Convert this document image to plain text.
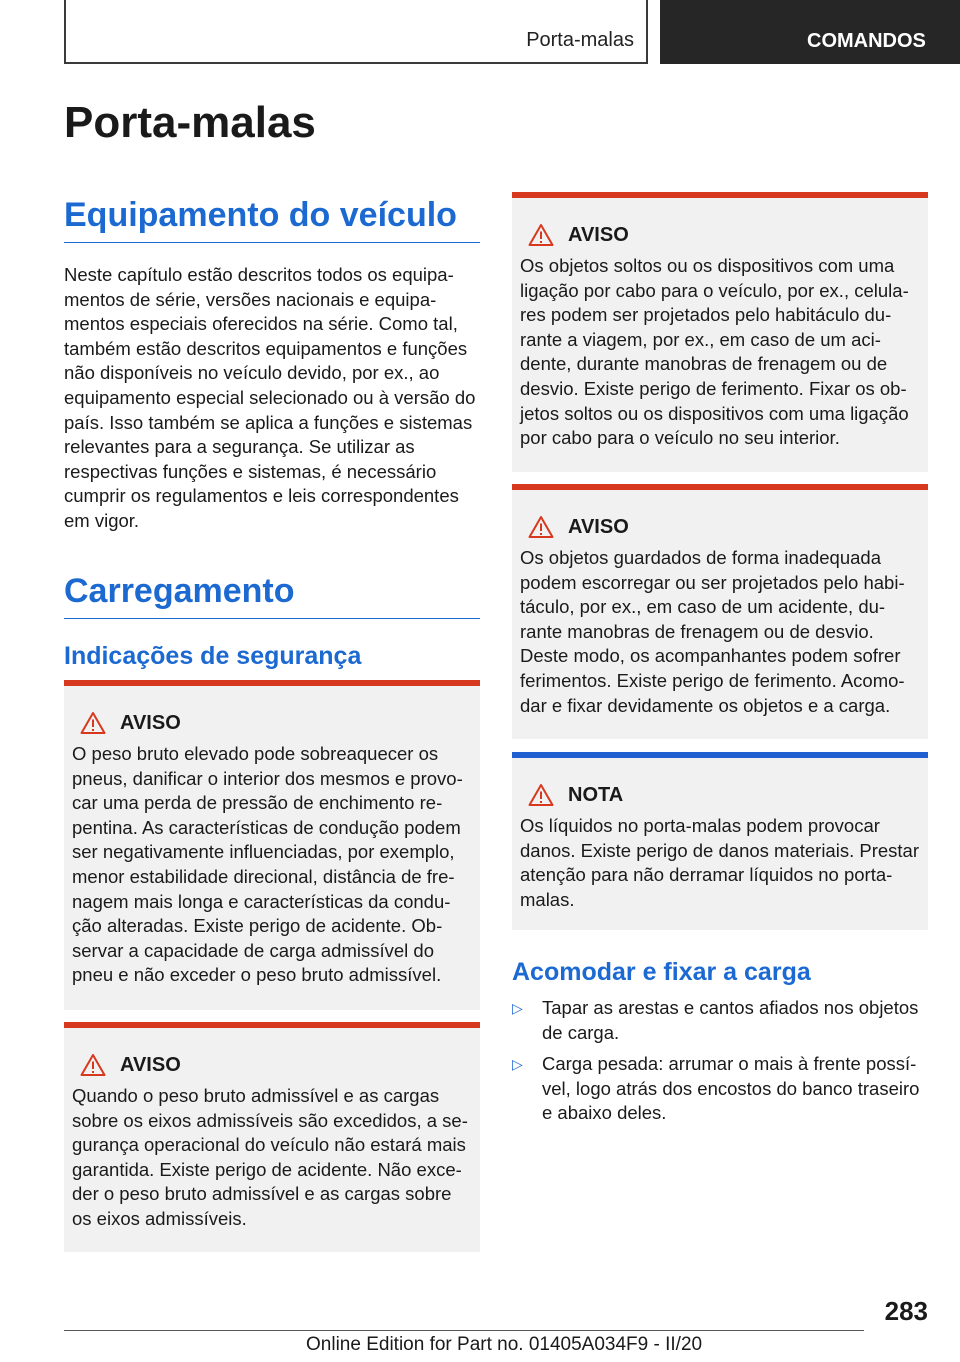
Porta-malas	COMANDOS
Porta-malas
Equipamento do veículo

Neste capítulo estão descritos todos os equipamentos de série, versões nacionais e equipamentos especiais oferecidos na série. Como tal, também estão descritos equipamentos e funções não disponíveis no veículo devido, por ex., ao equipamento especial selecionado ou à versão do país. Isso também se aplica a funções e sistemas relevantes para a segurança. Se utilizar as respectivas funções e sistemas, é necessário cumprir os regulamentos e leis correspondentes em vigor.

Carregamento
Indicações de segurança
AVISO

O peso bruto elevado pode sobreaquecer os pneus, danificar o interior dos mesmos e provocar uma perda de pressão de enchimento repentina. As características de condução podem ser negativamente influenciadas, por exemplo, menor estabilidade direcional, distância de frenagem mais longa e características da condução alteradas. Existe perigo de acidente. Observar a capacidade de carga admissível do pneu e não exceder o peso bruto admissível.

AVISO

Quando o peso bruto admissível e as cargas sobre os eixos admissíveis são excedidos, a segurança operacional do veículo não estará mais garantida. Existe perigo de acidente. Não exceder o peso bruto admissível e as cargas sobre os eixos admissíveis.

AVISO

Os objetos soltos ou os dispositivos com uma ligação por cabo para o veículo, por ex., celulares podem ser projetados pelo habitáculo durante a viagem, por ex., em caso de um acidente, durante manobras de frenagem ou de desvio. Existe perigo de ferimento. Fixar os objetos soltos ou os dispositivos com uma ligação por cabo para o veículo no seu interior.

AVISO

Os objetos guardados de forma inadequada podem escorregar ou ser projetados pelo habitáculo, por ex., em caso de um acidente, durante manobras de frenagem ou de desvio. Deste modo, os acompanhantes podem sofrer ferimentos. Existe perigo de ferimento. Acomodar e fixar devidamente os objetos e a carga.

NOTA

Os líquidos no porta-malas podem provocar danos. Existe perigo de danos materiais. Prestar atenção para não derramar líquidos no porta-malas.

Acomodar e fixar a carga
▷ Tapar as arestas e cantos afiados nos objetos de carga.
▷ Carga pesada: arrumar o mais à frente possível, logo atrás dos encostos do banco traseiro e abaixo deles.
283
Online Edition for Part no. 01405A034F9 - II/20
